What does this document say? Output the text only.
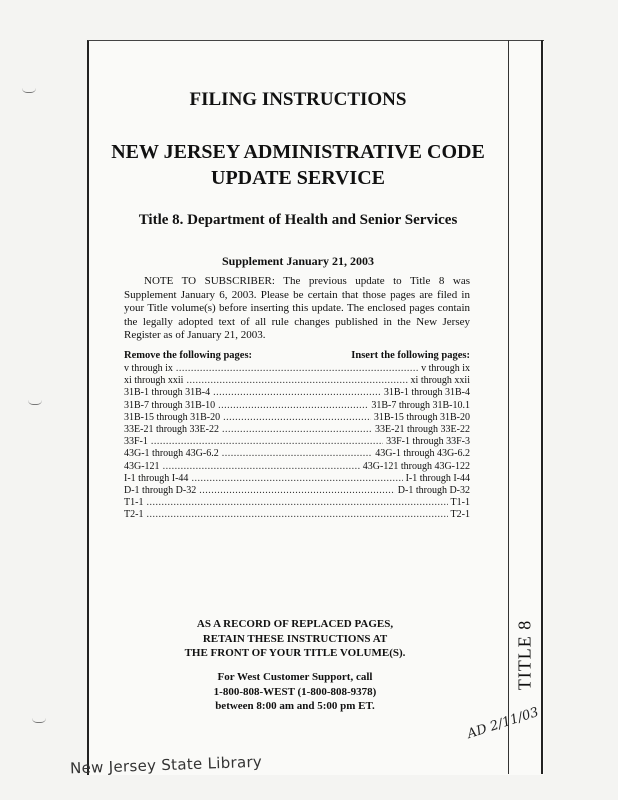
FILING INSTRUCTIONS
NEW JERSEY ADMINISTRATIVE CODE
UPDATE SERVICE
Title 8. Department of Health and Senior Services
Supplement January 21, 2003
NOTE TO SUBSCRIBER: The previous update to Title 8 was Supplement January 6, 2003. Please be certain that those pages are filed in your Title volume(s) before inserting this update. The enclosed pages contain the legally adopted text of all rule changes published in the New Jersey Register as of January 21, 2003.
Remove the following pages:	Insert the following pages:
v through ix .....	v through ix
xi through xxii .....	xi through xxii
31B-1 through 31B-4 .....	31B-1 through 31B-4
31B-7 through 31B-10 .....	31B-7 through 31B-10.1
31B-15 through 31B-20 .....	31B-15 through 31B-20
33E-21 through 33E-22 .....	33E-21 through 33E-22
33F-1 .....	33F-1 through 33F-3
43G-1 through 43G-6.2 .....	43G-1 through 43G-6.2
43G-121 .....	43G-121 through 43G-122
I-1 through I-44 .....	I-1 through I-44
D-1 through D-32 .....	D-1 through D-32
T1-1 .....	T1-1
T2-1 .....	T2-1
AS A RECORD OF REPLACED PAGES,
RETAIN THESE INSTRUCTIONS AT
THE FRONT OF YOUR TITLE VOLUME(S).
For West Customer Support, call
1-800-808-WEST (1-800-808-9378)
between 8:00 am and 5:00 pm ET.
TITLE 8
AD 2/11/03
New Jersey State Library
